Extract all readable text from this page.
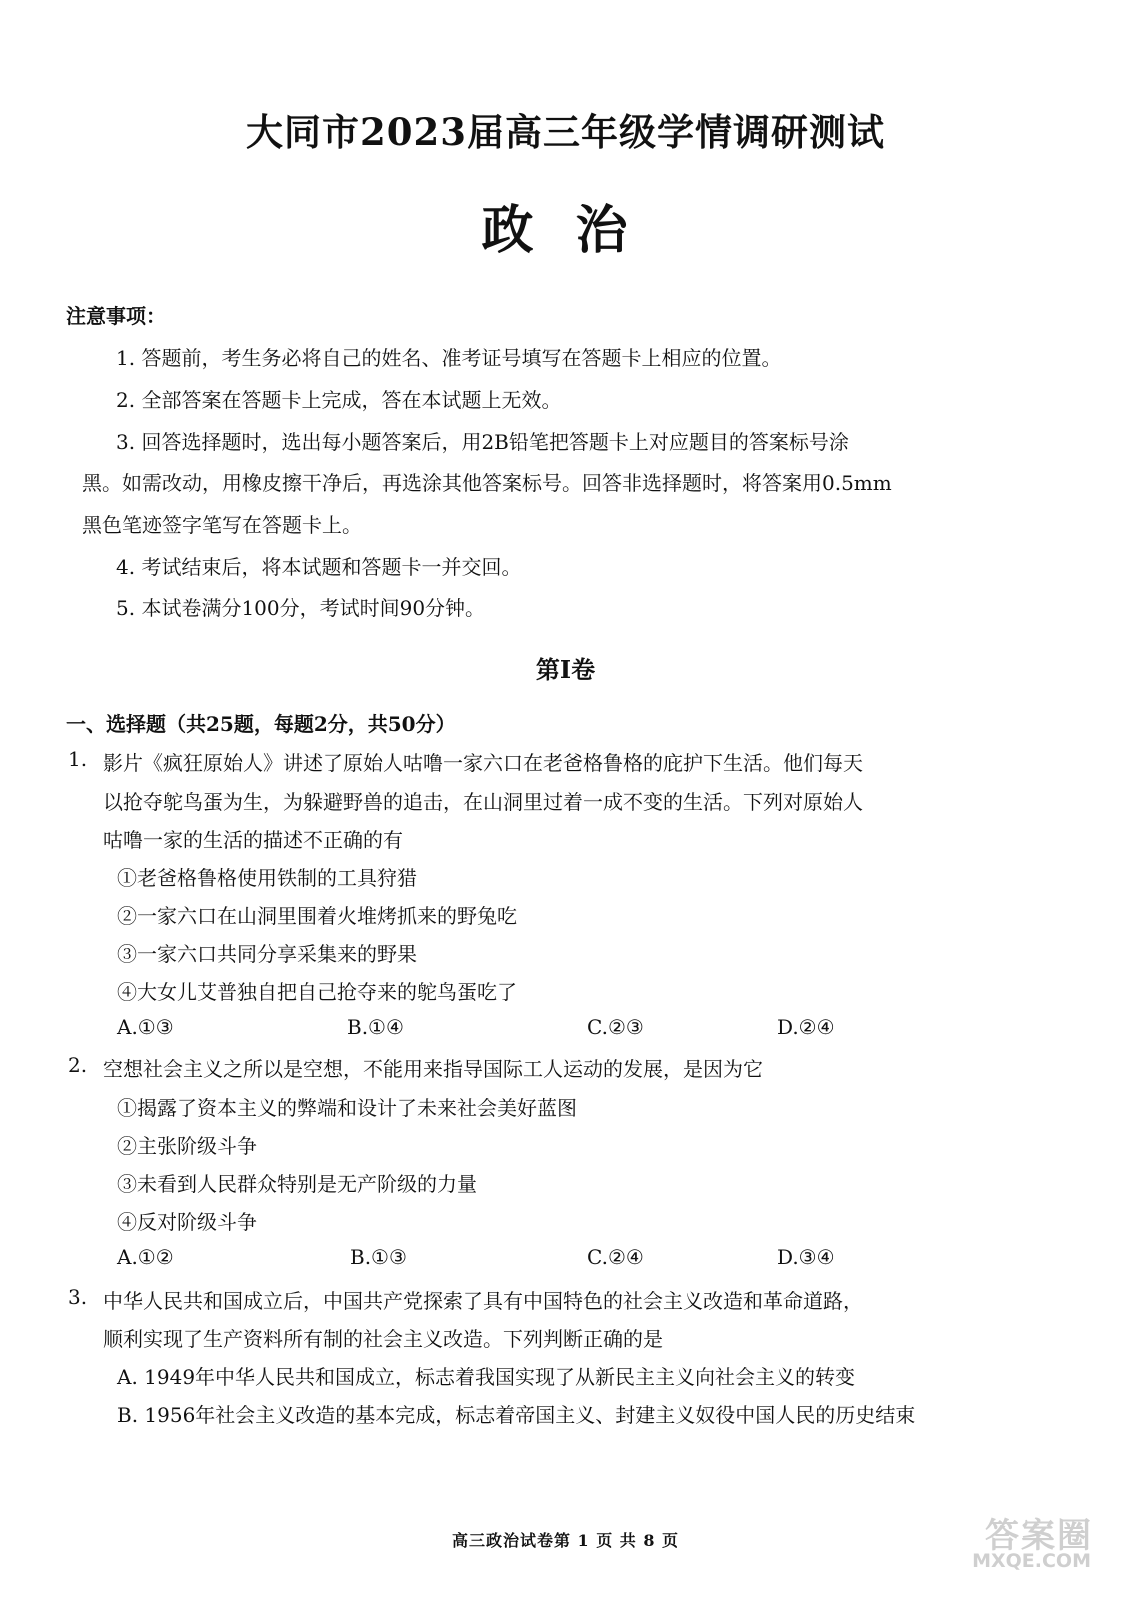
大同市2023届高三年级学情调研测试
政治
注意事项：
1. 答题前，考生务必将自己的姓名、准考证号填写在答题卡上相应的位置。
2. 全部答案在答题卡上完成，答在本试题上无效。
3. 回答选择题时，选出每小题答案后，用2B铅笔把答题卡上对应题目的答案标号涂
黑。如需改动，用橡皮擦干净后，再选涂其他答案标号。回答非选择题时，将答案用0.5mm
黑色笔迹签字笔写在答题卡上。
4. 考试结束后，将本试题和答题卡一并交回。
5. 本试卷满分100分，考试时间90分钟。
第Ⅰ卷
一、选择题（共25题，每题2分，共50分）
1. 影片《疯狂原始人》讲述了原始人咕噜一家六口在老爸格鲁格的庇护下生活。他们每天
以抢夺鸵鸟蛋为生，为躲避野兽的追击，在山洞里过着一成不变的生活。下列对原始人
咕噜一家的生活的描述不正确的有
①老爸格鲁格使用铁制的工具狩猎
②一家六口在山洞里围着火堆烤抓来的野兔吃
③一家六口共同分享采集来的野果
④大女儿艾普独自把自己抢夺来的鸵鸟蛋吃了
A.①③	B.①④	C.②③	D.②④
2. 空想社会主义之所以是空想，不能用来指导国际工人运动的发展，是因为它
①揭露了资本主义的弊端和设计了未来社会美好蓝图
②主张阶级斗争
③未看到人民群众特别是无产阶级的力量
④反对阶级斗争
A.①②	B.①③	C.②④	D.③④
3. 中华人民共和国成立后，中国共产党探索了具有中国特色的社会主义改造和革命道路，
顺利实现了生产资料所有制的社会主义改造。下列判断正确的是
A. 1949年中华人民共和国成立，标志着我国实现了从新民主主义向社会主义的转变
B. 1956年社会主义改造的基本完成，标志着帝国主义、封建主义奴役中国人民的历史结束
高三政治试卷第 1 页 共 8 页	答案圈
MXQE.COM
